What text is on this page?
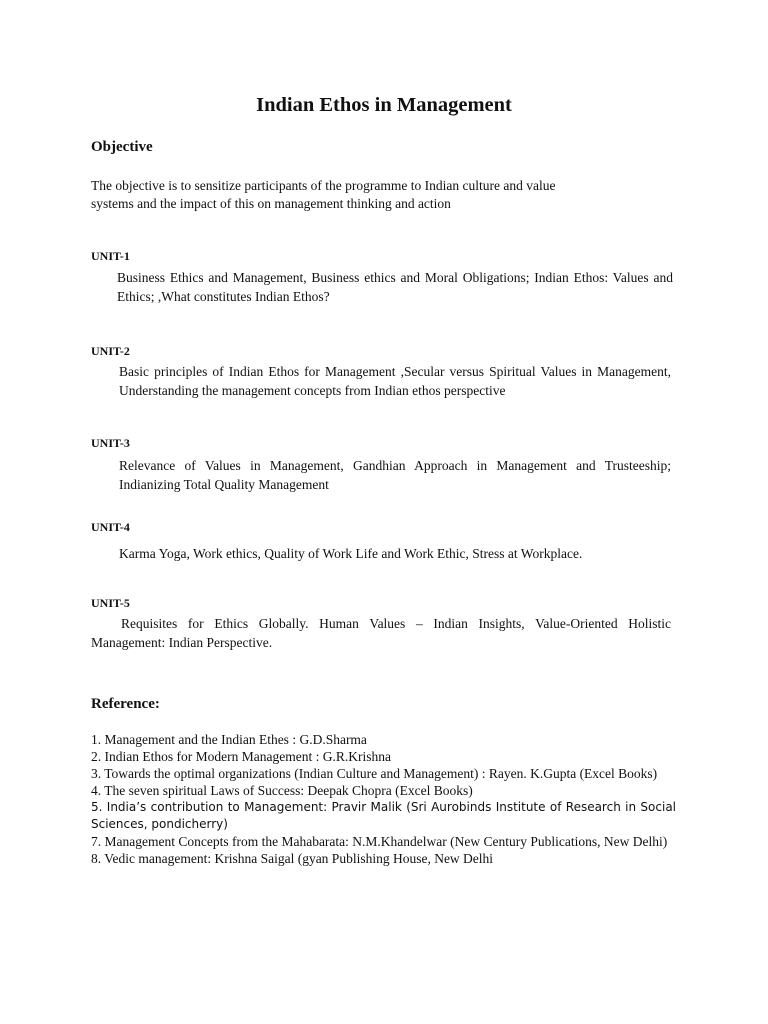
Indian Ethos in Management
Objective

The objective is to sensitize participants of the programme to Indian culture and value
systems and the impact of this on management thinking and action

UNIT-1

Business Ethics and Management, Business ethics and Moral Obligations; Indian Ethos: Values and Ethics; ,What constitutes Indian Ethos?

UNIT-2

Basic principles of Indian Ethos for Management ,Secular versus Spiritual Values in Management, Understanding the management concepts from Indian ethos perspective

UNIT-3

Relevance of Values in Management, Gandhian Approach in Management and Trusteeship; Indianizing Total Quality Management

UNIT-4

Karma Yoga, Work ethics, Quality of Work Life and Work Ethic, Stress at Workplace.

UNIT-5

Requisites for Ethics Globally. Human Values – Indian Insights, Value-Oriented Holistic Management: Indian Perspective.

Reference:
1. Management and the Indian Ethes : G.D.Sharma
2. Indian Ethos for Modern Management : G.R.Krishna
3. Towards the optimal organizations (Indian Culture and Management) : Rayen. K.Gupta (Excel Books)
4. The seven spiritual Laws of Success: Deepak Chopra (Excel Books)
5. India’s contribution to Management: Pravir Malik (Sri Aurobinds Institute of Research in Social Sciences, pondicherry)
7. Management Concepts from the Mahabarata: N.M.Khandelwar (New Century Publications, New Delhi)
8. Vedic management: Krishna Saigal (gyan Publishing House, New Delhi
